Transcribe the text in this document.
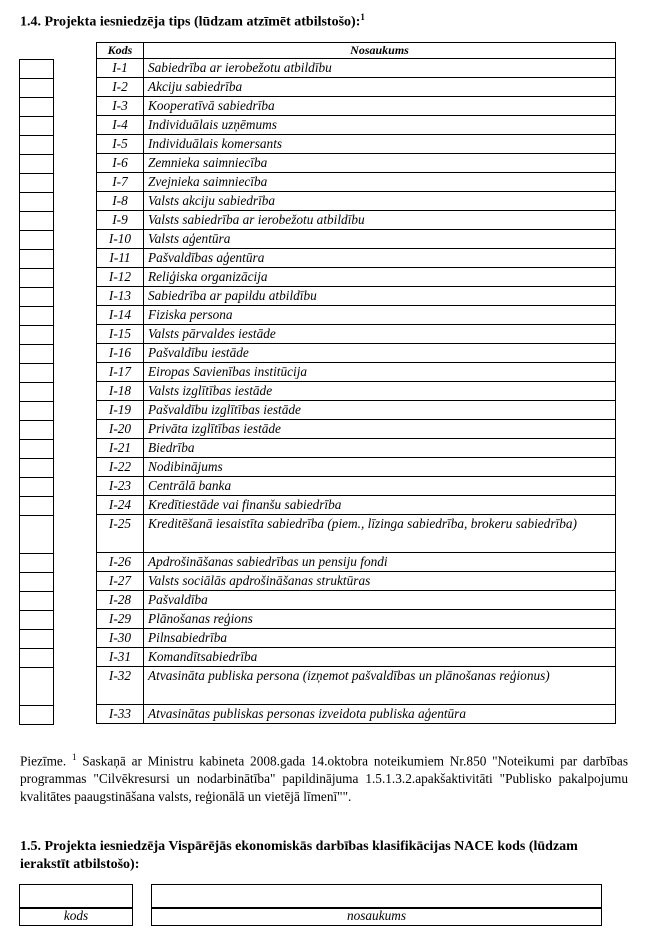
1.4. Projekta iesniedzēja tips (lūdzam atzīmēt atbilstošo):$^1$
Kods	Nosaukums
I-1	Sabiedrība ar ierobežotu atbildību
I-2	Akciju sabiedrība
I-3	Kooperatīvā sabiedrība
I-4	Individuālais uzņēmums
I-5	Individuālais komersants
I-6	Zemnieka saimniecība
I-7	Zvejnieka saimniecība
I-8	Valsts akciju sabiedrība
I-9	Valsts sabiedrība ar ierobežotu atbildību
I-10	Valsts aģentūra
I-11	Pašvaldības aģentūra
I-12	Reliģiska organizācija
I-13	Sabiedrība ar papildu atbildību
I-14	Fiziska persona
I-15	Valsts pārvaldes iestāde
I-16	Pašvaldību iestāde
I-17	Eiropas Savienības institūcija
I-18	Valsts izglītības iestāde
I-19	Pašvaldību izglītības iestāde
I-20	Privāta izglītības iestāde
I-21	Biedrība
I-22	Nodibinājums
I-23	Centrālā banka
I-24	Kredītiestāde vai finanšu sabiedrība
I-25	Kreditēšanā iesaistīta sabiedrība (piem., līzinga sabiedrība, brokeru sabiedrība)
I-26	Apdrošināšanas sabiedrības un pensiju fondi
I-27	Valsts sociālās apdrošināšanas struktūras
I-28	Pašvaldība
I-29	Plānošanas reģions
I-30	Pilnsabiedrība
I-31	Komandītsabiedrība
I-32	Atvasināta publiska persona (izņemot pašvaldības un plānošanas reģionus)
I-33	Atvasinātas publiskas personas izveidota publiska aģentūra
Piezīme. $^1$ Saskaņā ar Ministru kabineta 2008.gada 14.oktobra noteikumiem Nr.850 "Noteikumi par darbības programmas "Cilvēkresursi un nodarbinātība" papildinājuma 1.5.1.3.2.apakšaktivitāti "Publisko pakalpojumu kvalitātes paaugstināšana valsts, reģionālā un vietējā līmenī"".
1.5. Projekta iesniedzēja Vispārējās ekonomiskās darbības klasifikācijas NACE kods (lūdzam ierakstīt atbilstošo):
kods	nosaukums
